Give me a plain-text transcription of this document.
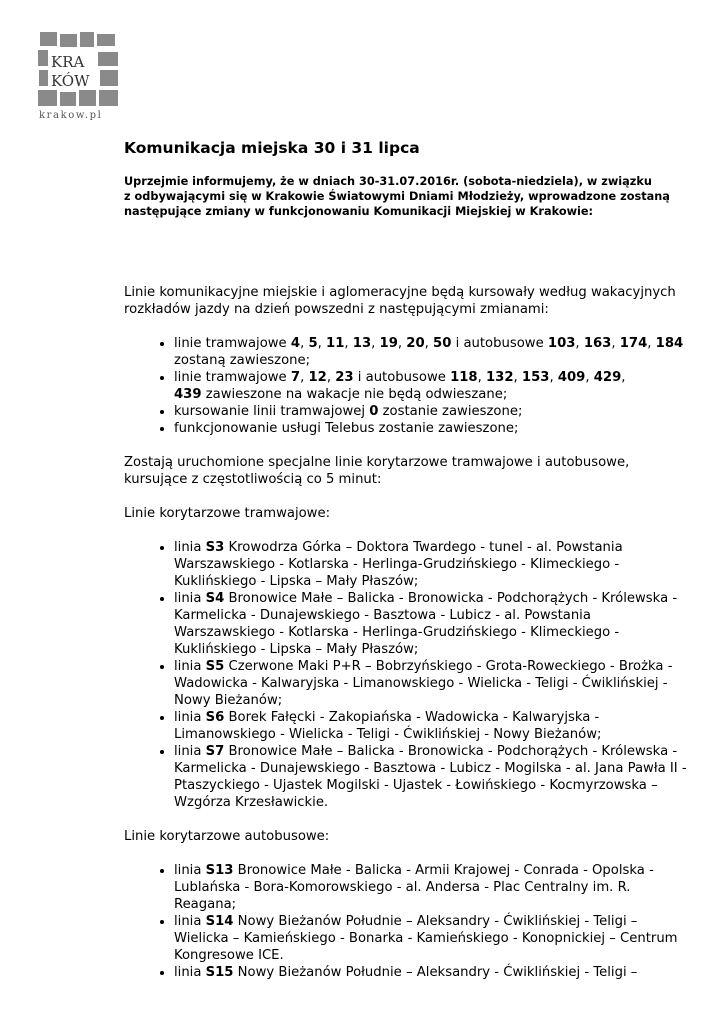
KRA
KÓW
krakow.pl
Komunikacja miejska 30 i 31 lipca

Uprzejmie informujemy, że w dniach 30-31.07.2016r. (sobota-niedziela), w związku
z odbywającymi się w Krakowie Światowymi Dniami Młodzieży, wprowadzone zostaną
następujące zmiany w funkcjonowaniu Komunikacji Miejskiej w Krakowie:

Linie komunikacyjne miejskie i aglomeracyjne będą kursowały według wakacyjnych
rozkładów jazdy na dzień powszedni z następującymi zmianami:

• linie tramwajowe 4, 5, 11, 13, 19, 20, 50 i autobusowe 103, 163, 174, 184
zostaną zawieszone;
• linie tramwajowe 7, 12, 23 i autobusowe 118, 132, 153, 409, 429,
439 zawieszone na wakacje nie będą odwieszane;
• kursowanie linii tramwajowej 0 zostanie zawieszone;
• funkcjonowanie usługi Telebus zostanie zawieszone;

Zostają uruchomione specjalne linie korytarzowe tramwajowe i autobusowe,
kursujące z częstotliwością co 5 minut:

Linie korytarzowe tramwajowe:

• linia S3 Krowodrza Górka – Doktora Twardego - tunel - al. Powstania
Warszawskiego - Kotlarska - Herlinga-Grudzińskiego - Klimeckiego -
Kuklińskiego - Lipska – Mały Płaszów;
• linia S4 Bronowice Małe – Balicka - Bronowicka - Podchorążych - Królewska -
Karmelicka - Dunajewskiego - Basztowa - Lubicz - al. Powstania
Warszawskiego - Kotlarska - Herlinga-Grudzińskiego - Klimeckiego -
Kuklińskiego - Lipska – Mały Płaszów;
• linia S5 Czerwone Maki P+R – Bobrzyńskiego - Grota-Roweckiego - Brożka -
Wadowicka - Kalwaryjska - Limanowskiego - Wielicka - Teligi - Ćwiklińskiej -
Nowy Bieżanów;
• linia S6 Borek Fałęcki - Zakopiańska - Wadowicka - Kalwaryjska -
Limanowskiego - Wielicka - Teligi - Ćwiklińskiej - Nowy Bieżanów;
• linia S7 Bronowice Małe – Balicka - Bronowicka - Podchorążych - Królewska -
Karmelicka - Dunajewskiego - Basztowa - Lubicz - Mogilska - al. Jana Pawła II -
Ptaszyckiego - Ujastek Mogilski - Ujastek - Łowińskiego - Kocmyrzowska –
Wzgórza Krzesławickie.

Linie korytarzowe autobusowe:

• linia S13 Bronowice Małe - Balicka - Armii Krajowej - Conrada - Opolska -
Lublańska - Bora-Komorowskiego - al. Andersa - Plac Centralny im. R.
Reagana;
• linia S14 Nowy Bieżanów Południe – Aleksandry - Ćwiklińskiej - Teligi –
Wielicka – Kamieńskiego - Bonarka - Kamieńskiego - Konopnickiej – Centrum
Kongresowe ICE.
• linia S15 Nowy Bieżanów Południe – Aleksandry - Ćwiklińskiej - Teligi –
